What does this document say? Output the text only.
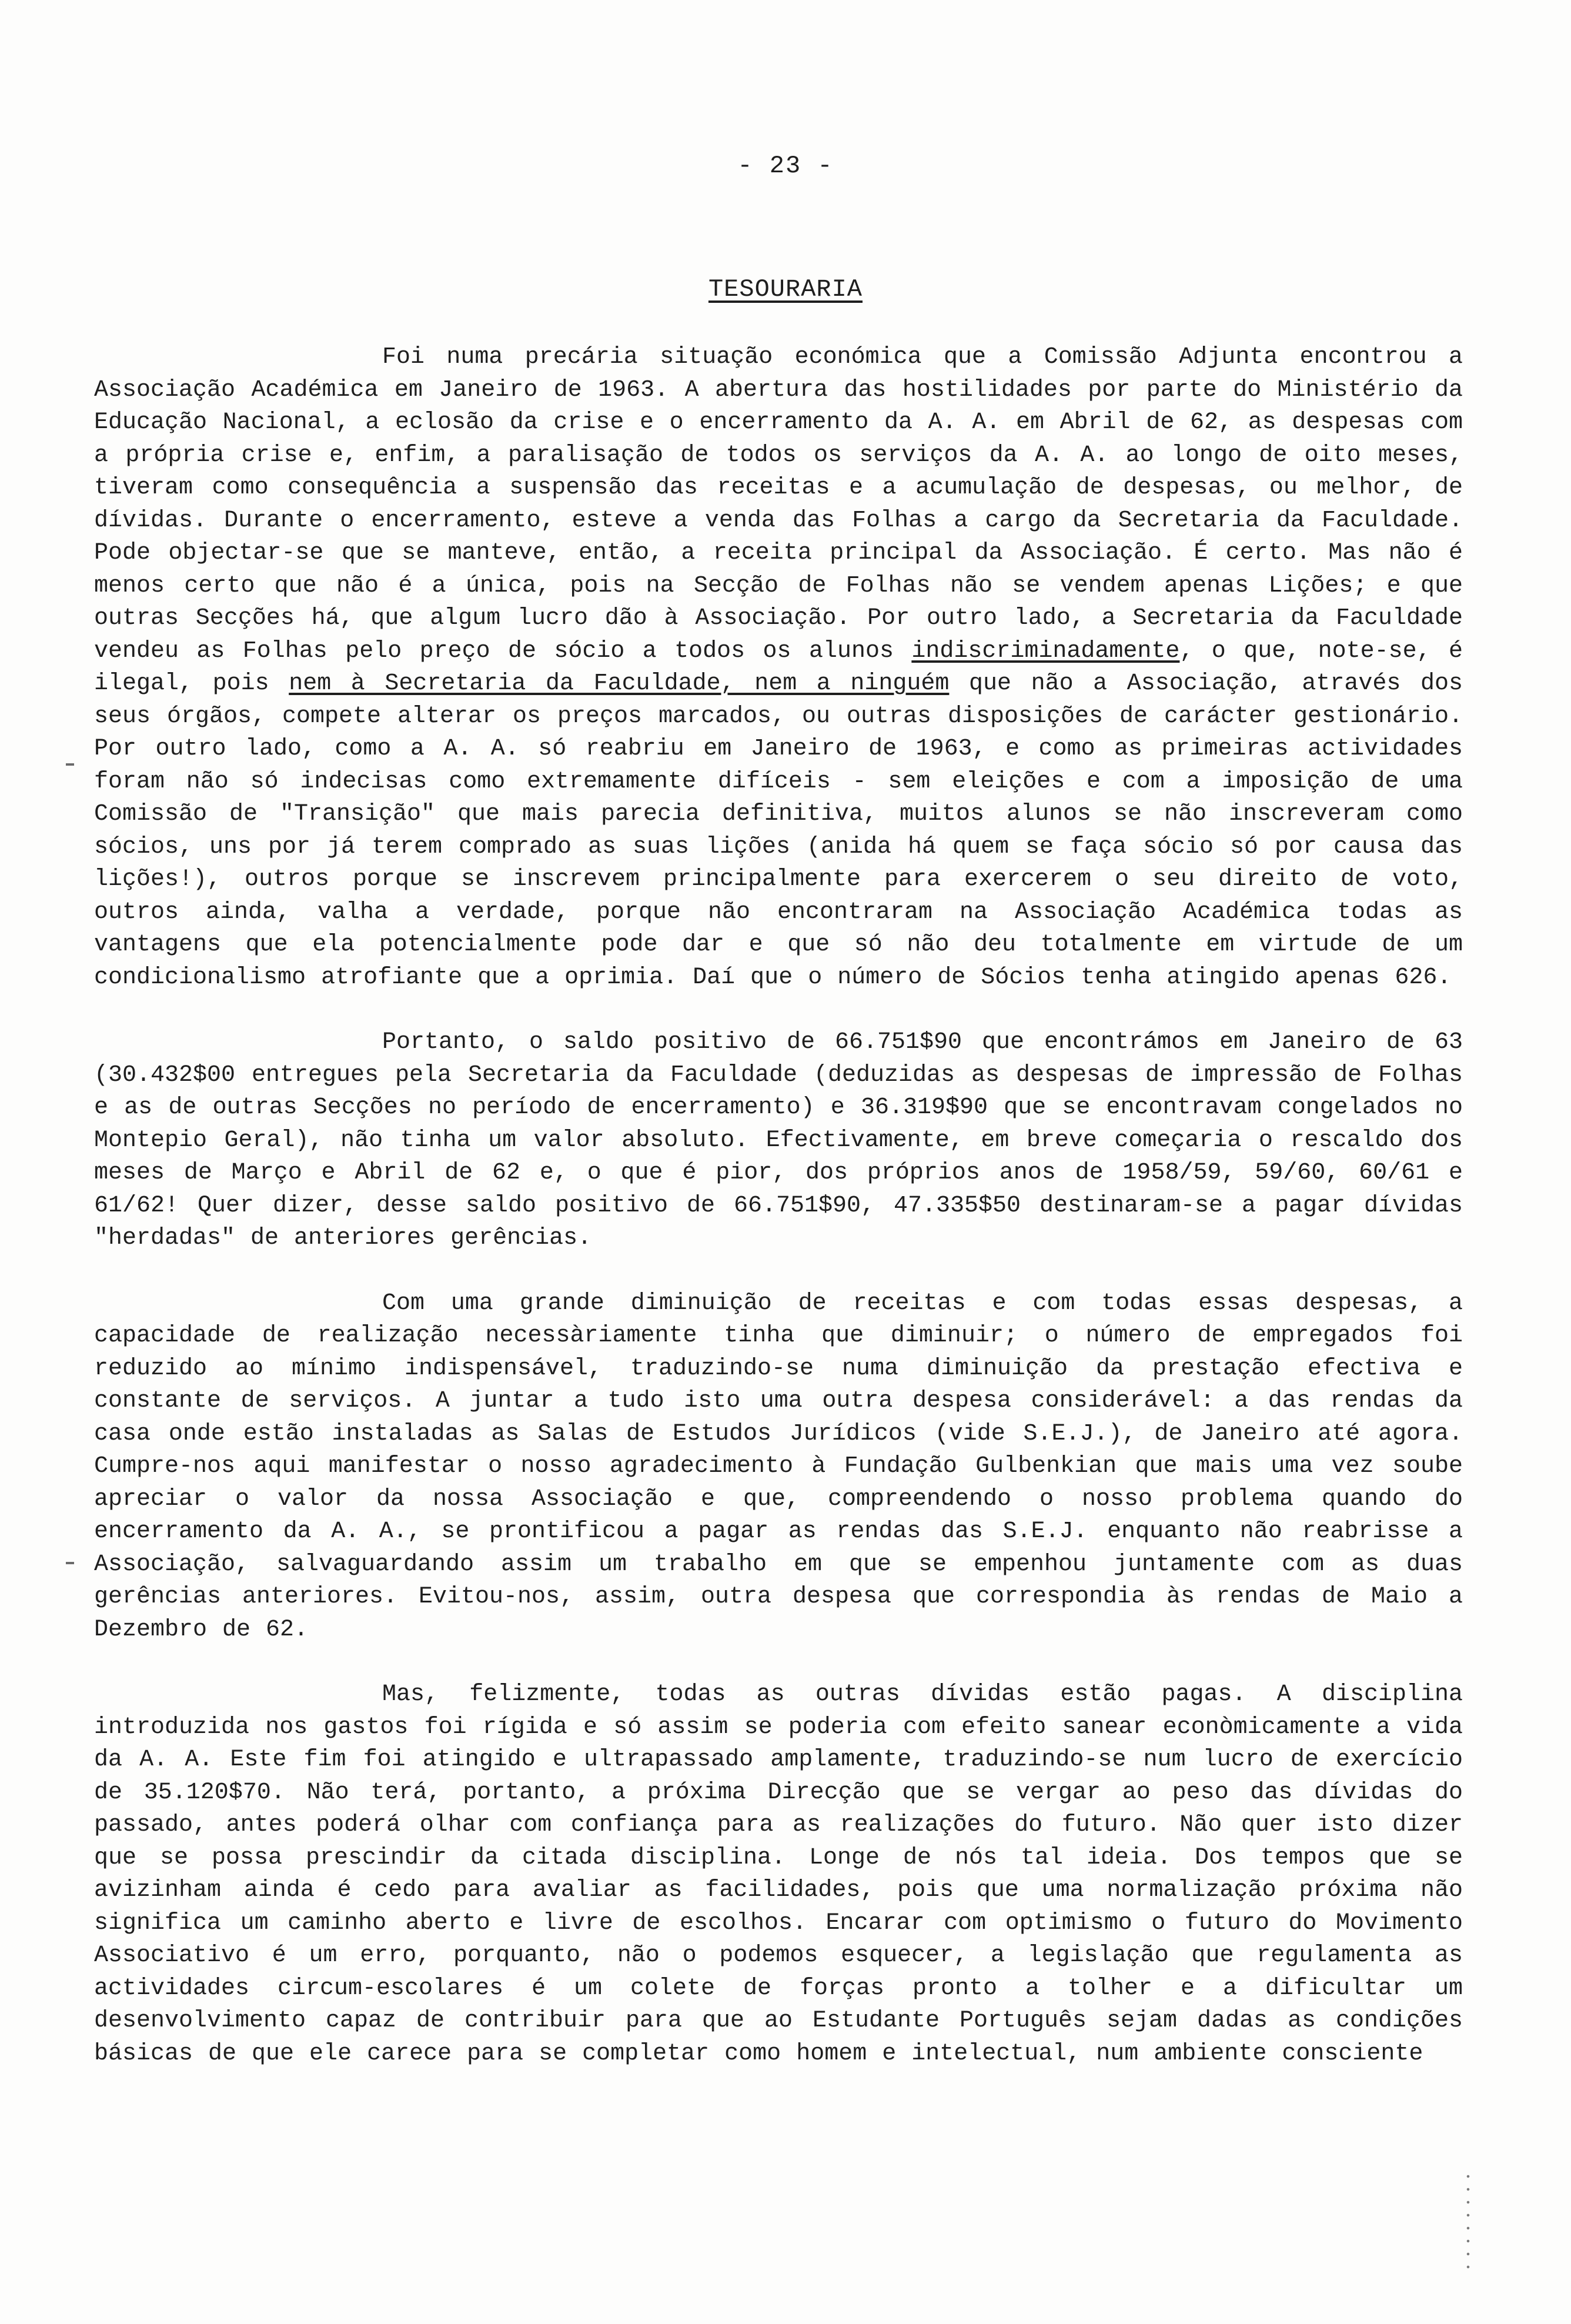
- 23 -
TESOURARIA

Foi numa precária situação económica que a Comissão Adjunta encontrou a Associação Académica em Janeiro de 1963. A abertura das hostilidades por parte do Ministério da Educação Nacional, a eclosão da crise e o encerramento da A. A. em Abril de 62, as despesas com a própria crise e, enfim, a paralisação de todos os serviços da A. A. ao longo de oito meses, tiveram como consequência a suspensão das receitas e a acumulação de despesas, ou melhor, de dívidas. Durante o encerramento, esteve a venda das Folhas a cargo da Secretaria da Faculdade. Pode objectar-se que se manteve, então, a receita principal da Associação. É certo. Mas não é menos certo que não é a única, pois na Secção de Folhas não se vendem apenas Lições; e que outras Secções há, que algum lucro dão à Associação. Por outro lado, a Secretaria da Faculdade vendeu as Folhas pelo preço de sócio a todos os alunos indiscriminadamente, o que, note-se, é ilegal, pois nem à Secretaria da Faculdade, nem a ninguém que não a Associação, através dos seus órgãos, compete alterar os preços marcados, ou outras disposições de carácter gestionário. Por outro lado, como a A. A. só reabriu em Janeiro de 1963, e como as primeiras actividades foram não só indecisas como extremamente difíceis - sem eleições e com a imposição de uma Comissão de "Transição" que mais parecia definitiva, muitos alunos se não inscreveram como sócios, uns por já terem comprado as suas lições (anida há quem se faça sócio só por causa das lições!), outros porque se inscrevem principalmente para exercerem o seu direito de voto, outros ainda, valha a verdade, porque não encontraram na Associação Académica todas as vantagens que ela potencialmente pode dar e que só não deu totalmente em virtude de um condicionalismo atrofiante que a oprimia. Daí que o número de Sócios tenha atingido apenas 626.

Portanto, o saldo positivo de 66.751$90 que encontrámos em Janeiro de 63 (30.432$00 entregues pela Secretaria da Faculdade (deduzidas as despesas de impressão de Folhas e as de outras Secções no período de encerramento) e 36.319$90 que se encontravam congelados no Montepio Geral), não tinha um valor absoluto. Efectivamente, em breve começaria o rescaldo dos meses de Março e Abril de 62 e, o que é pior, dos próprios anos de 1958/59, 59/60, 60/61 e 61/62! Quer dizer, desse saldo positivo de 66.751$90, 47.335$50 destinaram-se a pagar dívidas "herdadas" de anteriores gerências.

Com uma grande diminuição de receitas e com todas essas despesas, a capacidade de realização necessàriamente tinha que diminuir; o número de empregados foi reduzido ao mínimo indispensável, traduzindo-se numa diminuição da prestação efectiva e constante de serviços. A juntar a tudo isto uma outra despesa considerável: a das rendas da casa onde estão instaladas as Salas de Estudos Jurídicos (vide S.E.J.), de Janeiro até agora. Cumpre-nos aqui manifestar o nosso agradecimento à Fundação Gulbenkian que mais uma vez soube apreciar o valor da nossa Associação e que, compreendendo o nosso problema quando do encerramento da A. A., se prontificou a pagar as rendas das S.E.J. enquanto não reabrisse a Associação, salvaguardando assim um trabalho em que se empenhou juntamente com as duas gerências anteriores. Evitou-nos, assim, outra despesa que correspondia às rendas de Maio a Dezembro de 62.

Mas, felizmente, todas as outras dívidas estão pagas. A disciplina introduzida nos gastos foi rígida e só assim se poderia com efeito sanear econòmicamente a vida da A. A. Este fim foi atingido e ultrapassado amplamente, traduzindo-se num lucro de exercício de 35.120$70. Não terá, portanto, a próxima Direcção que se vergar ao peso das dívidas do passado, antes poderá olhar com confiança para as realizações do futuro. Não quer isto dizer que se possa prescindir da citada disciplina. Longe de nós tal ideia. Dos tempos que se avizinham ainda é cedo para avaliar as facilidades, pois que uma normalização próxima não significa um caminho aberto e livre de escolhos. Encarar com optimismo o futuro do Movimento Associativo é um erro, porquanto, não o podemos esquecer, a legislação que regulamenta as actividades circum-escolares é um colete de forças pronto a tolher e a dificultar um desenvolvimento capaz de contribuir para que ao Estudante Português sejam dadas as condições básicas de que ele carece para se completar como homem e intelectual, num ambiente consciente
